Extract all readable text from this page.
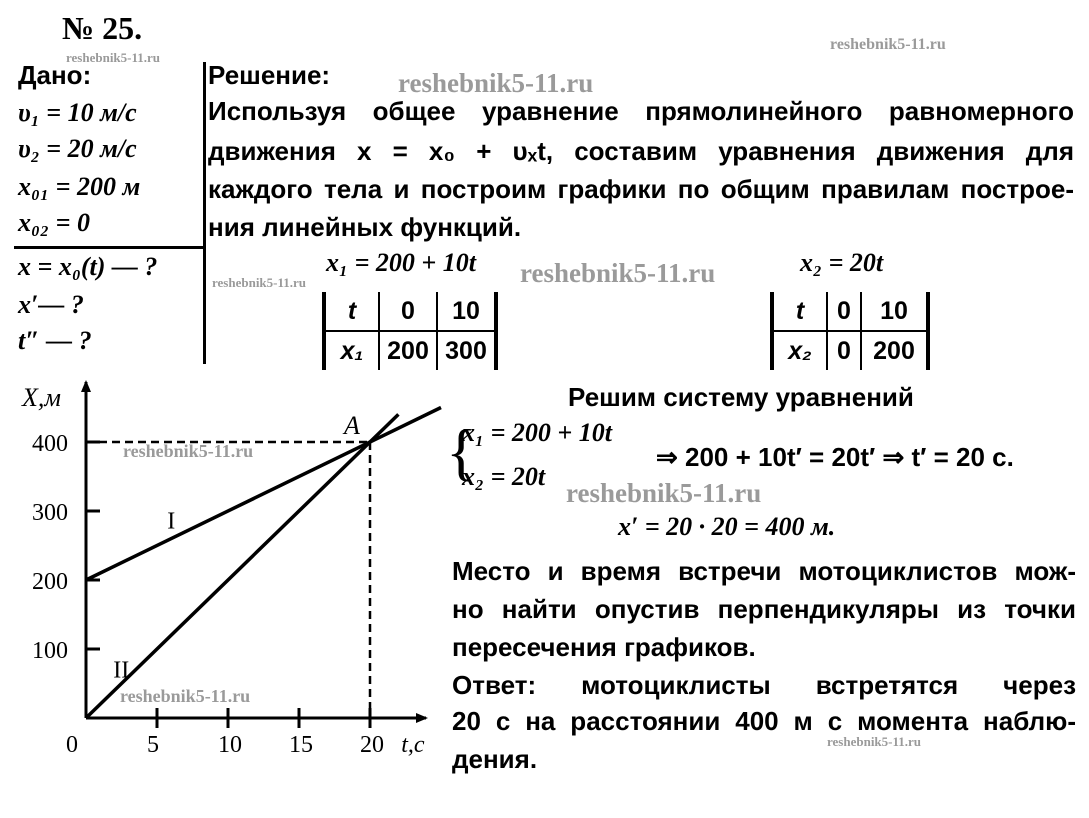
№ 25.
reshebnik5-11.ru
reshebnik5-11.ru
reshebnik5-11.ru
reshebnik5-11.ru	reshebnik5-11.ru
reshebnik5-11.ru
reshebnik5-11.ru
reshebnik5-11.ru
reshebnik5-11.ru
Дано:
υ₁ = 10 м/с
υ₂ = 20 м/с
x₀₁ = 200 м
x₀₂ = 0
x = x₀(t) — ?
x′— ?
t″ — ?
Решение:
Используя общее уравнение прямолинейного равномерного
движения x = x₀ + υₓt, составим уравнения движения для
каждого тела и построим графики по общим правилам построе-
ния линейных функций.
x₁ = 200 + 10t	x₂ = 20t
t	0	10
x₁	200	300
t	0	10
x₂	0	200
Решим систему уравнений
{
x₁ = 200 + 10t
x₂ = 20t
⇒ 200 + 10t′ = 20t′ ⇒ t′ = 20 с.
x′ = 20 · 20 = 400 м.
Место и время встречи мотоциклистов мож-
но найти опустив перпендикуляры из точки
пересечения графиков.
Ответ: мотоциклисты встретятся через
20 с на расстоянии 400 м с момента наблю-
дения.
0	5 10 15 20
100
200
300
400
X,м
t,с
I
II
A
